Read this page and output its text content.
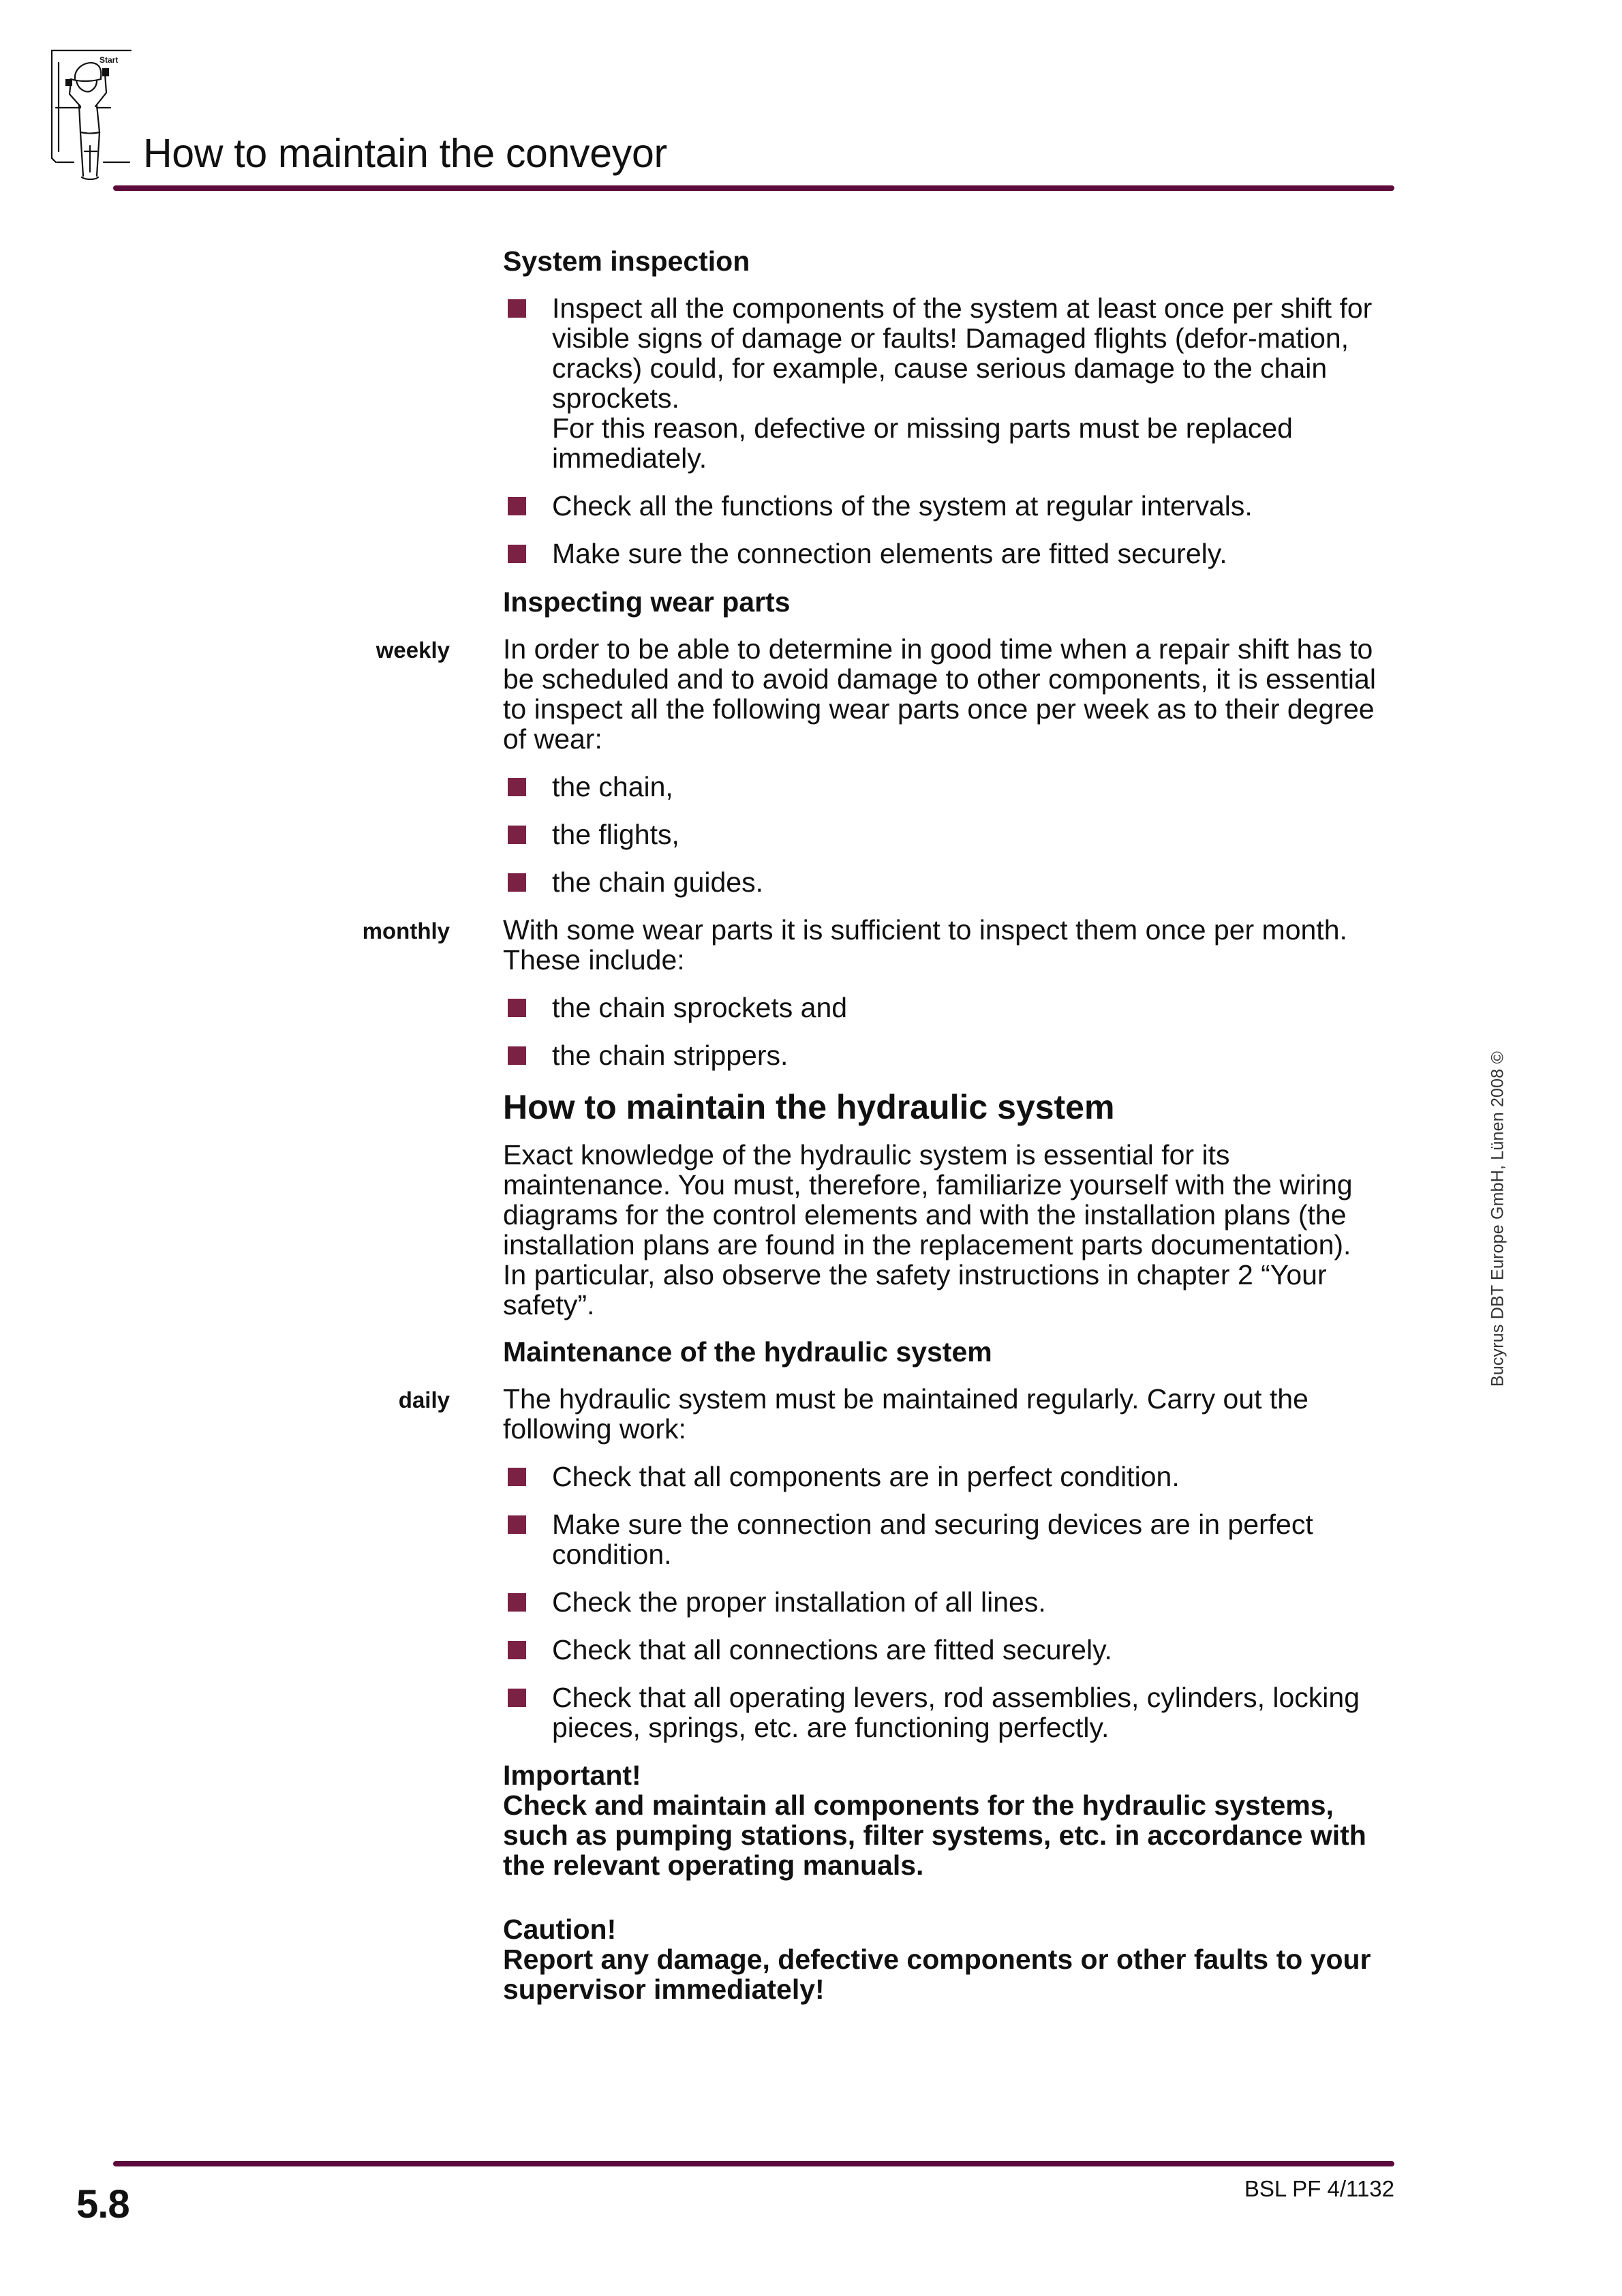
Start
How to maintain the conveyor
System inspection
Inspect all the components of the system at least once per shift for visible signs of damage or faults! Damaged flights (defor-mation, cracks) could, for example, cause serious damage to the chain sprockets.
For this reason, defective or missing parts must be replaced immediately.
Check all the functions of the system at regular intervals.
Make sure the connection elements are fitted securely.
Inspecting wear parts

weekly In order to be able to determine in good time when a repair shift has to be scheduled and to avoid damage to other components, it is essential to inspect all the following wear parts once per week as to their degree of wear:

the chain,
the flights,
the chain guides.

monthly With some wear parts it is sufficient to inspect them once per month. These include:

the chain sprockets and
the chain strippers.
How to maintain the hydraulic system

Exact knowledge of the hydraulic system is essential for its maintenance. You must, therefore, familiarize yourself with the wiring diagrams for the control elements and with the installation plans (the installation plans are found in the replacement parts documentation).
In particular, also observe the safety instructions in chapter 2 “Your safety”.

Maintenance of the hydraulic system

daily The hydraulic system must be maintained regularly. Carry out the following work:

Check that all components are in perfect condition.
Make sure the connection and securing devices are in perfect condition.
Check the proper installation of all lines.
Check that all connections are fitted securely.
Check that all operating levers, rod assemblies, cylinders, locking pieces, springs, etc. are functioning perfectly.
Important!
Check and maintain all components for the hydraulic systems, such as pumping stations, filter systems, etc. in accordance with the relevant operating manuals.
Caution!
Report any damage, defective components or other faults to your supervisor immediately!
Bucyrus DBT Europe GmbH, Lünen 2008 ©
5.8	BSL PF 4/1132
